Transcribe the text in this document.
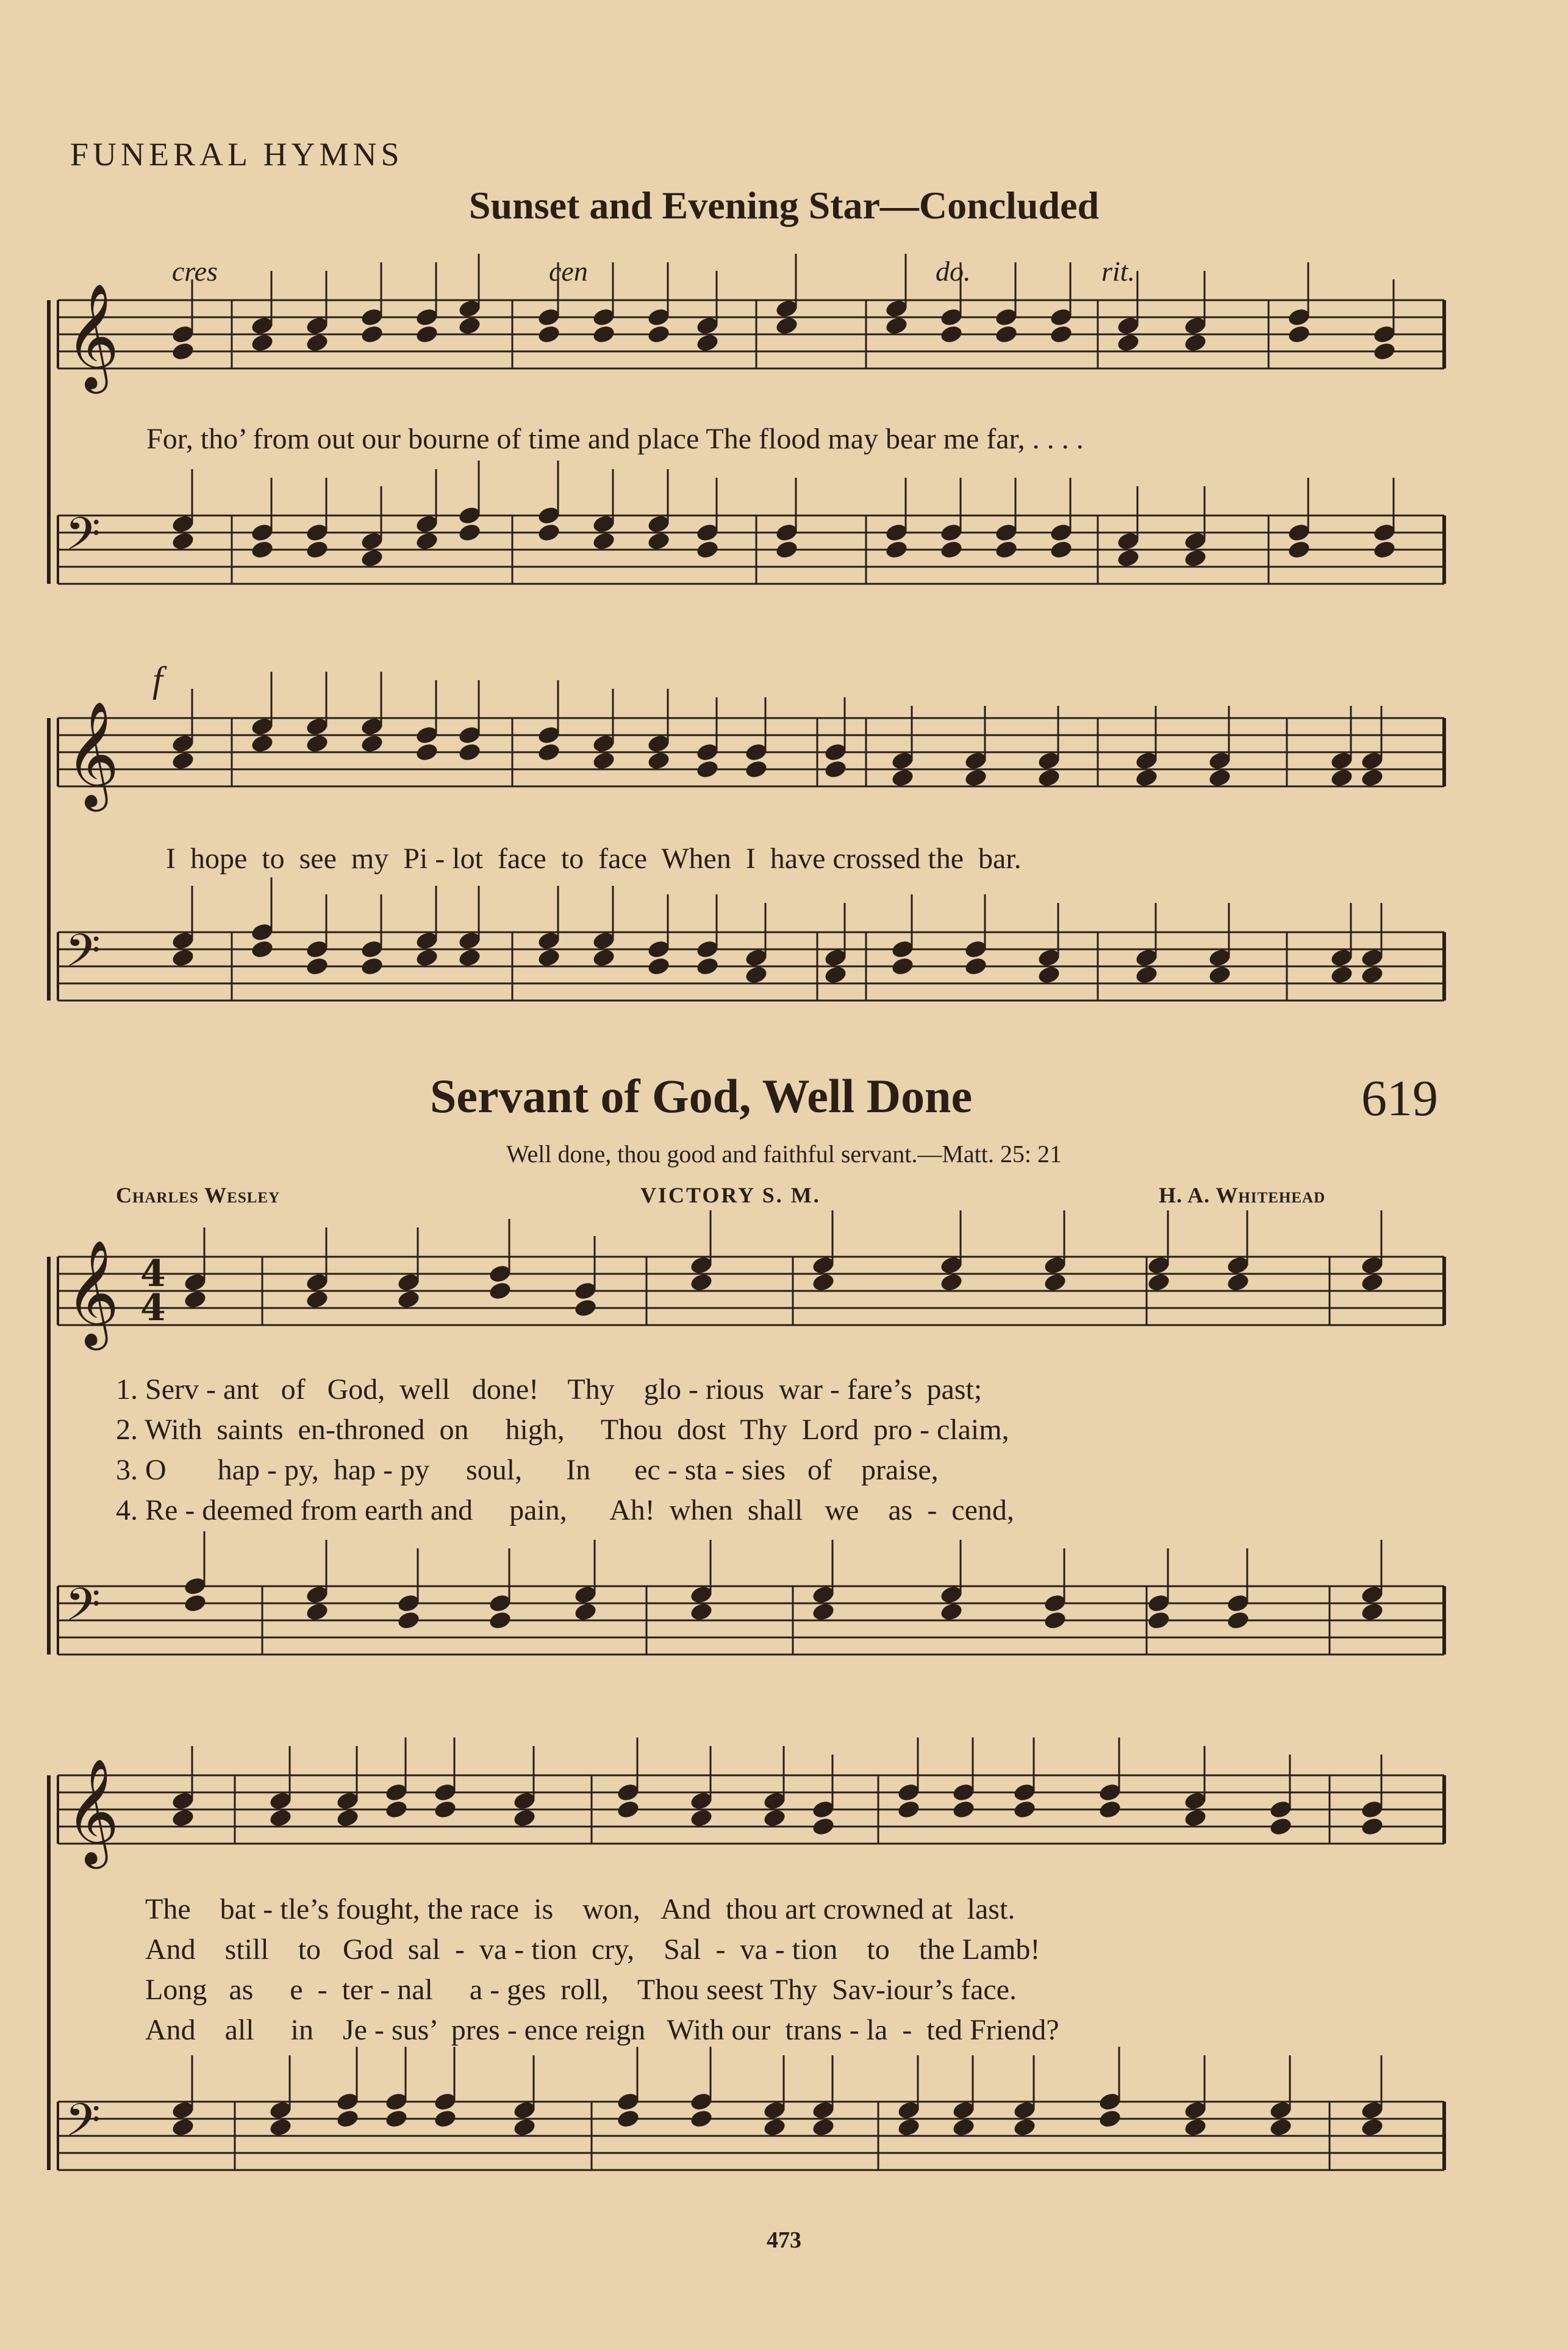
FUNERAL HYMNS
Sunset and Evening Star—Concluded
cres	cen	do.	rit.
f
For, tho’ from out our bourne of time and place The flood may bear me far, . . . .
I  hope  to  see  my  Pi - lot  face  to  face  When  I  have crossed the  bar.
Servant of God, Well Done	619
Well done, thou good and faithful servant.—Matt. 25: 21
Charles Wesley	VICTORY S. M.	H. A. Whitehead
1. Serv - ant   of   God,  well   done!    Thy    glo - rious  war - fare’s  past;
2. With  saints  en-throned  on     high,     Thou  dost  Thy  Lord  pro - claim,
3. O       hap - py,  hap - py     soul,      In      ec - sta - sies   of    praise,
4. Re - deemed from earth and     pain,      Ah!  when  shall   we    as  -  cend,
The    bat - tle’s fought, the race  is    won,   And  thou art crowned at  last.
And    still    to   God  sal  -  va - tion  cry,    Sal  -  va - tion    to    the Lamb!
Long   as     e  -  ter - nal     a - ges  roll,    Thou seest Thy  Sav-iour’s face.
And    all     in    Je - sus’  pres - ence reign   With our  trans - la  -  ted Friend?
473
𝄞
𝄢
𝄞
𝄢
𝄞
𝄢
4
4
𝄞
𝄢
